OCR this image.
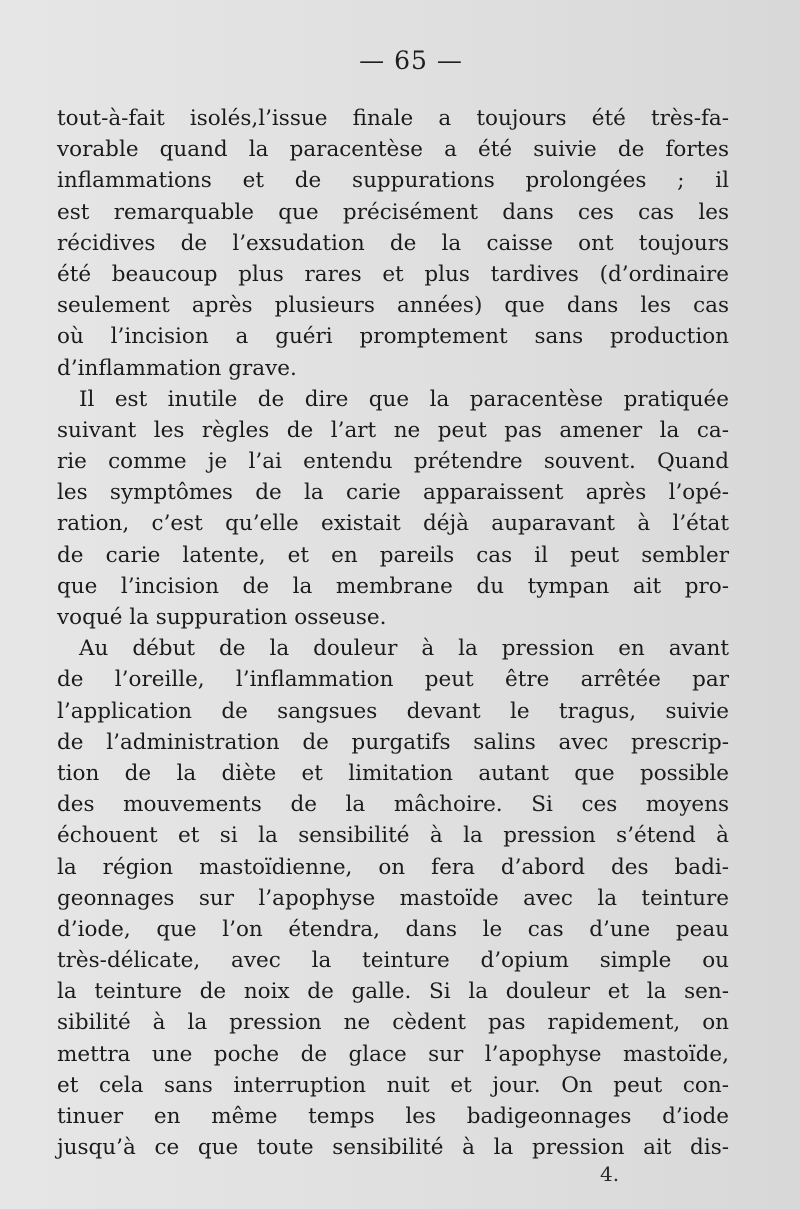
— 65 —
tout-à-fait isolés,l’issue finale a toujours été très-fa-
vorable quand la paracentèse a été suivie de fortes
inflammations et de suppurations prolongées ; il
est remarquable que précisément dans ces cas les
récidives de l’exsudation de la caisse ont toujours
été beaucoup plus rares et plus tardives (d’ordinaire
seulement après plusieurs années) que dans les cas
où l’incision a guéri promptement sans production
d’inflammation grave.
Il est inutile de dire que la paracentèse pratiquée
suivant les règles de l’art ne peut pas amener la ca-
rie comme je l’ai entendu prétendre souvent. Quand
les symptômes de la carie apparaissent après l’opé-
ration, c’est qu’elle existait déjà auparavant à l’état
de carie latente, et en pareils cas il peut sembler
que l’incision de la membrane du tympan ait pro-
voqué la suppuration osseuse.
Au début de la douleur à la pression en avant
de l’oreille, l’inflammation peut être arrêtée par
l’application de sangsues devant le tragus, suivie
de l’administration de purgatifs salins avec prescrip-
tion de la diète et limitation autant que possible
des mouvements de la mâchoire. Si ces moyens
échouent et si la sensibilité à la pression s’étend à
la région mastoïdienne, on fera d’abord des badi-
geonnages sur l’apophyse mastoïde avec la teinture
d’iode, que l’on étendra, dans le cas d’une peau
très-délicate, avec la teinture d’opium simple ou
la teinture de noix de galle. Si la douleur et la sen-
sibilité à la pression ne cèdent pas rapidement, on
mettra une poche de glace sur l’apophyse mastoïde,
et cela sans interruption nuit et jour. On peut con-
tinuer en même temps les badigeonnages d’iode
jusqu’à ce que toute sensibilité à la pression ait dis-
4.
